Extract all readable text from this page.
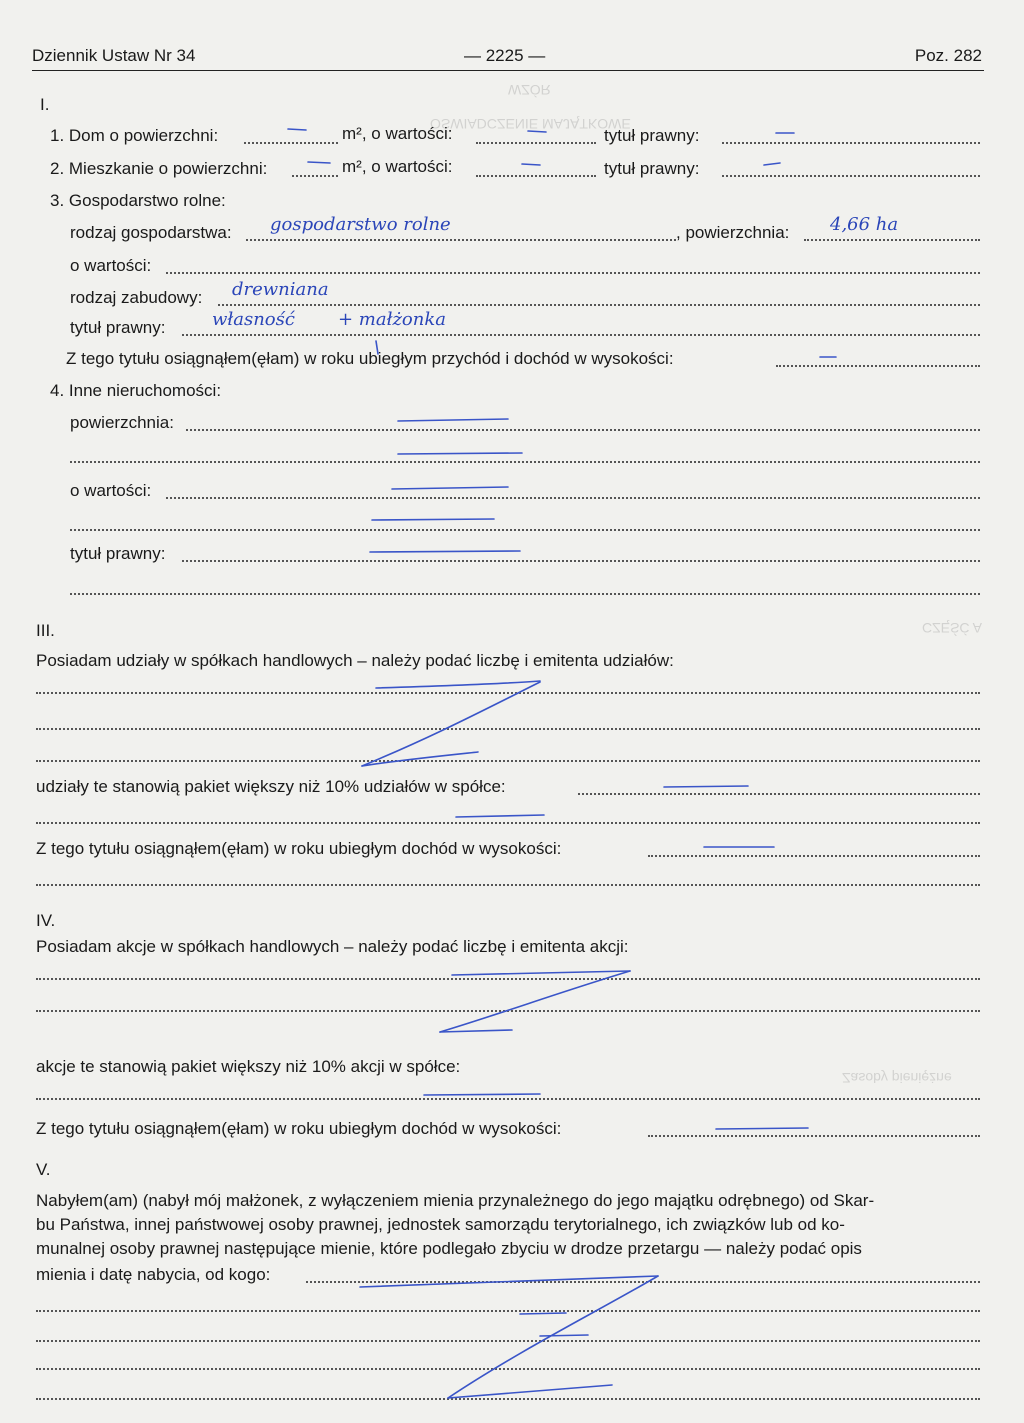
WZÓR
OŚWIADCZENIE MAJĄTKOWE
CZĘŚĆ A
Zasoby pieniężne
Dziennik Ustaw Nr 34	— 2225 —	Poz. 282
I.
1. Dom o powierzchni:	m², o wartości:	tytuł prawny:
2. Mieszkanie o powierzchni:	m², o wartości:	tytuł prawny:
3. Gospodarstwo rolne:
rodzaj gospodarstwa: gospodarstwo rolne	, powierzchnia: 4,66 ha
o wartości:
rodzaj zabudowy: drewniana
tytuł prawny:	własność + małżonka
Z tego tytułu osiągnąłem(ęłam) w roku ubiegłym przychód i dochód w wysokości:
4. Inne nieruchomości:
powierzchnia:
o wartości:
tytuł prawny:
III.
Posiadam udziały w spółkach handlowych – należy podać liczbę i emitenta udziałów:
udziały te stanowią pakiet większy niż 10% udziałów w spółce:
Z tego tytułu osiągnąłem(ęłam) w roku ubiegłym dochód w wysokości:
IV.
Posiadam akcje w spółkach handlowych – należy podać liczbę i emitenta akcji:
akcje te stanowią pakiet większy niż 10% akcji w spółce:
Z tego tytułu osiągnąłem(ęłam) w roku ubiegłym dochód w wysokości:
V.
Nabyłem(am) (nabył mój małżonek, z wyłączeniem mienia przynależnego do jego majątku odrębnego) od Skar-
bu Państwa, innej państwowej osoby prawnej, jednostek samorządu terytorialnego, ich związków lub od ko-
munalnej osoby prawnej następujące mienie, które podlegało zbyciu w drodze przetargu — należy podać opis
mienia i datę nabycia, od kogo:
